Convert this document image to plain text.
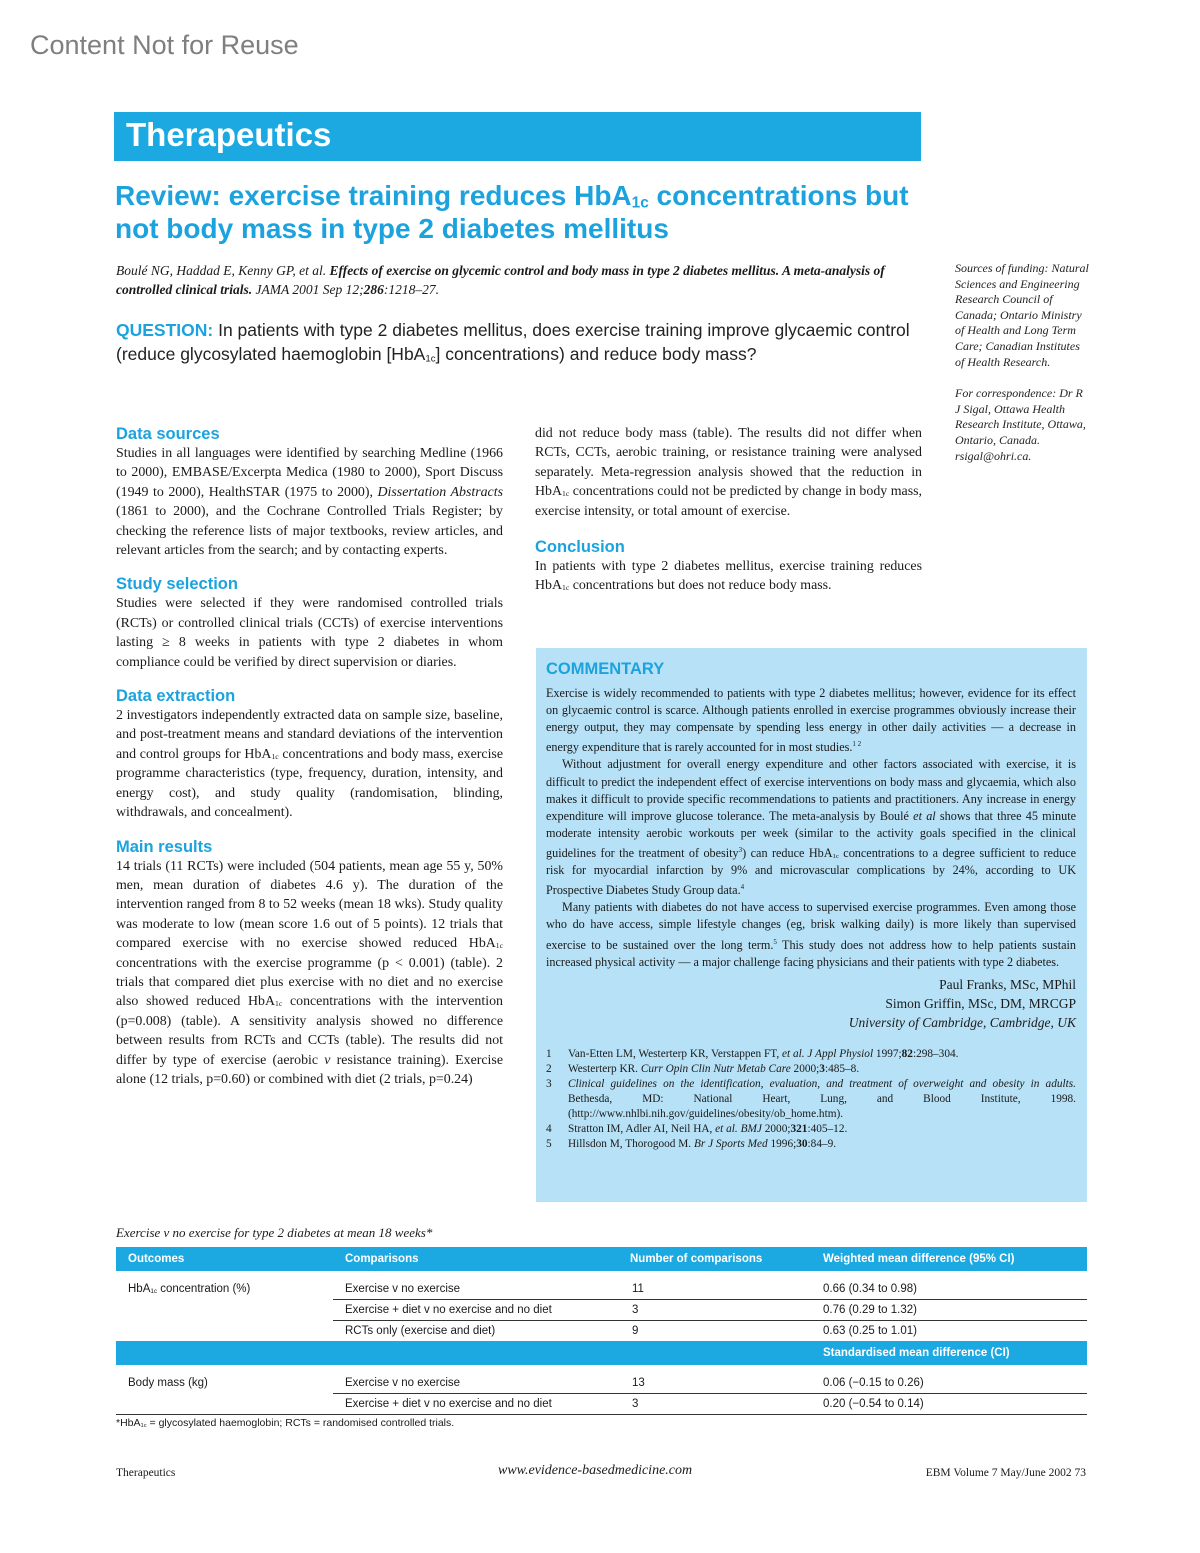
Content Not for Reuse
Therapeutics
Review: exercise training reduces HbA$_{1c}$ concentrations but not body mass in type 2 diabetes mellitus
Boulé NG, Haddad E, Kenny GP, et al. Effects of exercise on glycemic control and body mass in type 2 diabetes mellitus. A meta-analysis of controlled clinical trials. JAMA 2001 Sep 12;286:1218–27.
QUESTION: In patients with type 2 diabetes mellitus, does exercise training improve glycaemic control (reduce glycosylated haemoglobin [HbA$_{1c}$] concentrations) and reduce body mass?

Sources of funding: Natural Sciences and Engineering Research Council of Canada; Ontario Ministry of Health and Long Term Care; Canadian Institutes of Health Research.

For correspondence: Dr R J Sigal, Ottawa Health Research Institute, Ottawa, Ontario, Canada. rsigal@ohri.ca.

Data sources

Studies in all languages were identified by searching Medline (1966 to 2000), EMBASE/Excerpta Medica (1980 to 2000), Sport Discuss (1949 to 2000), HealthSTAR (1975 to 2000), Dissertation Abstracts (1861 to 2000), and the Cochrane Controlled Trials Register; by checking the reference lists of major textbooks, review articles, and relevant articles from the search; and by contacting experts.

Study selection

Studies were selected if they were randomised controlled trials (RCTs) or controlled clinical trials (CCTs) of exercise interventions lasting ≥ 8 weeks in patients with type 2 diabetes in whom compliance could be verified by direct supervision or diaries.

Data extraction

2 investigators independently extracted data on sample size, baseline, and post-treatment means and standard deviations of the intervention and control groups for HbA$_{1c}$ concentrations and body mass, exercise programme characteristics (type, frequency, duration, intensity, and energy cost), and study quality (randomisation, blinding, withdrawals, and concealment).

Main results

14 trials (11 RCTs) were included (504 patients, mean age 55 y, 50% men, mean duration of diabetes 4.6 y). The duration of the intervention ranged from 8 to 52 weeks (mean 18 wks). Study quality was moderate to low (mean score 1.6 out of 5 points). 12 trials that compared exercise with no exercise showed reduced HbA$_{1c}$ concentrations with the exercise programme (p < 0.001) (table). 2 trials that compared diet plus exercise with no diet and no exercise also showed reduced HbA$_{1c}$ concentrations with the intervention (p=0.008) (table). A sensitivity analysis showed no difference between results from RCTs and CCTs (table). The results did not differ by type of exercise (aerobic v resistance training). Exercise alone (12 trials, p=0.60) or combined with diet (2 trials, p=0.24)

did not reduce body mass (table). The results did not differ when RCTs, CCTs, aerobic training, or resistance training were analysed separately. Meta-regression analysis showed that the reduction in HbA$_{1c}$ concentrations could not be predicted by change in body mass, exercise intensity, or total amount of exercise.

Conclusion

In patients with type 2 diabetes mellitus, exercise training reduces HbA$_{1c}$ concentrations but does not reduce body mass.

COMMENTARY

Exercise is widely recommended to patients with type 2 diabetes mellitus; however, evidence for its effect on glycaemic control is scarce. Although patients enrolled in exercise programmes obviously increase their energy output, they may compensate by spending less energy in other daily activities — a decrease in energy expenditure that is rarely accounted for in most studies.$^{1 2}$

Without adjustment for overall energy expenditure and other factors associated with exercise, it is difficult to predict the independent effect of exercise interventions on body mass and glycaemia, which also makes it difficult to provide specific recommendations to patients and practitioners. Any increase in energy expenditure will improve glucose tolerance. The meta-analysis by Boulé et al shows that three 45 minute moderate intensity aerobic workouts per week (similar to the activity goals specified in the clinical guidelines for the treatment of obesity$^3$) can reduce HbA$_{1c}$ concentrations to a degree sufficient to reduce risk for myocardial infarction by 9% and microvascular complications by 24%, according to UK Prospective Diabetes Study Group data.$^4$

Many patients with diabetes do not have access to supervised exercise programmes. Even among those who do have access, simple lifestyle changes (eg, brisk walking daily) is more likely than supervised exercise to be sustained over the long term.$^5$ This study does not address how to help patients sustain increased physical activity — a major challenge facing physicians and their patients with type 2 diabetes.

Paul Franks, MSc, MPhil
Simon Griffin, MSc, DM, MRCGP
University of Cambridge, Cambridge, UK
1	Van-Etten LM, Westerterp KR, Verstappen FT, et al. J Appl Physiol 1997;82:298–304.
2	Westerterp KR. Curr Opin Clin Nutr Metab Care 2000;3:485–8.
3	Clinical guidelines on the identification, evaluation, and treatment of overweight and obesity in adults. Bethesda, MD: National Heart, Lung, and Blood Institute, 1998. (http://www.nhlbi.nih.gov/guidelines/obesity/ob_home.htm).
4	Stratton IM, Adler AI, Neil HA, et al. BMJ 2000;321:405–12.
5	Hillsdon M, Thorogood M. Br J Sports Med 1996;30:84–9.
Exercise v no exercise for type 2 diabetes at mean 18 weeks*
Outcomes	Comparisons	Number of comparisons	Weighted mean difference (95% CI)

HbA$_{1c}$ concentration (%)	Exercise v no exercise	11	0.66 (0.34 to 0.98)
	Exercise + diet v no exercise and no diet	3	0.76 (0.29 to 1.32)
	RCTs only (exercise and diet)	9	0.63 (0.25 to 1.01)
			Standardised mean difference (CI)

Body mass (kg)	Exercise v no exercise	13	0.06 (−0.15 to 0.26)
	Exercise + diet v no exercise and no diet	3	0.20 (−0.54 to 0.14)
*HbA$_{1c}$ = glycosylated haemoglobin; RCTs = randomised controlled trials.
Therapeutics	www.evidence-basedmedicine.com	EBM Volume 7 May/June 2002 73
